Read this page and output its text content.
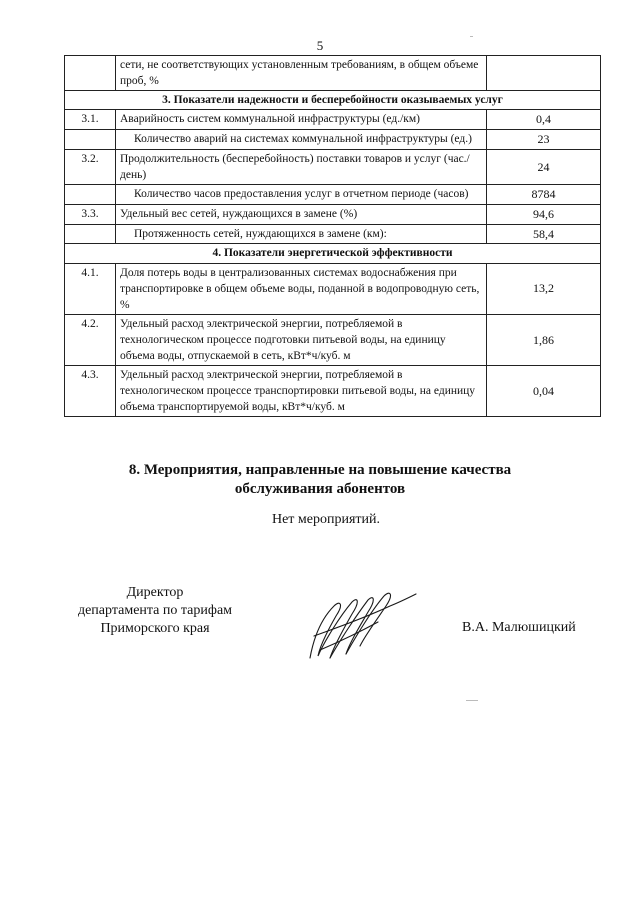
5
	сети, не соответствующих установленным требованиям, в общем объеме проб, %	
3. Показатели надежности и бесперебойности оказываемых услуг		
3.1.	Аварийность систем коммунальной инфраструктуры (ед./км)	0,4

	Количество аварий на системах коммунальной инфраструктуры (ед.)	23
3.2.	Продолжительность (бесперебойность) поставки товаров и услуг (час./день)	24

	Количество часов предоставления услуг в отчетном периоде (часов)	8784
3.3.	Удельный вес сетей, нуждающихся в замене (%)	94,6

	Протяженность сетей, нуждающихся в замене (км):	58,4
4. Показатели энергетической эффективности		
4.1.	Доля потерь воды в централизованных системах водоснабжения при транспортировке в общем объеме воды, поданной в водопроводную сеть, %	13,2
4.2.	Удельный расход электрической энергии, потребляемой в технологическом процессе подготовки питьевой воды, на единицу объема воды, отпускаемой в сеть, кВт*ч/куб. м	1,86
4.3.	Удельный расход электрической энергии, потребляемой в технологическом процессе транспортировки питьевой воды, на единицу объема транспортируемой воды, кВт*ч/куб. м	0,04
8. Мероприятия, направленные на повышение качества
обслуживания абонентов
Нет мероприятий.
Директор
департамента по тарифам
Приморского края	В.А. Малюшицкий
